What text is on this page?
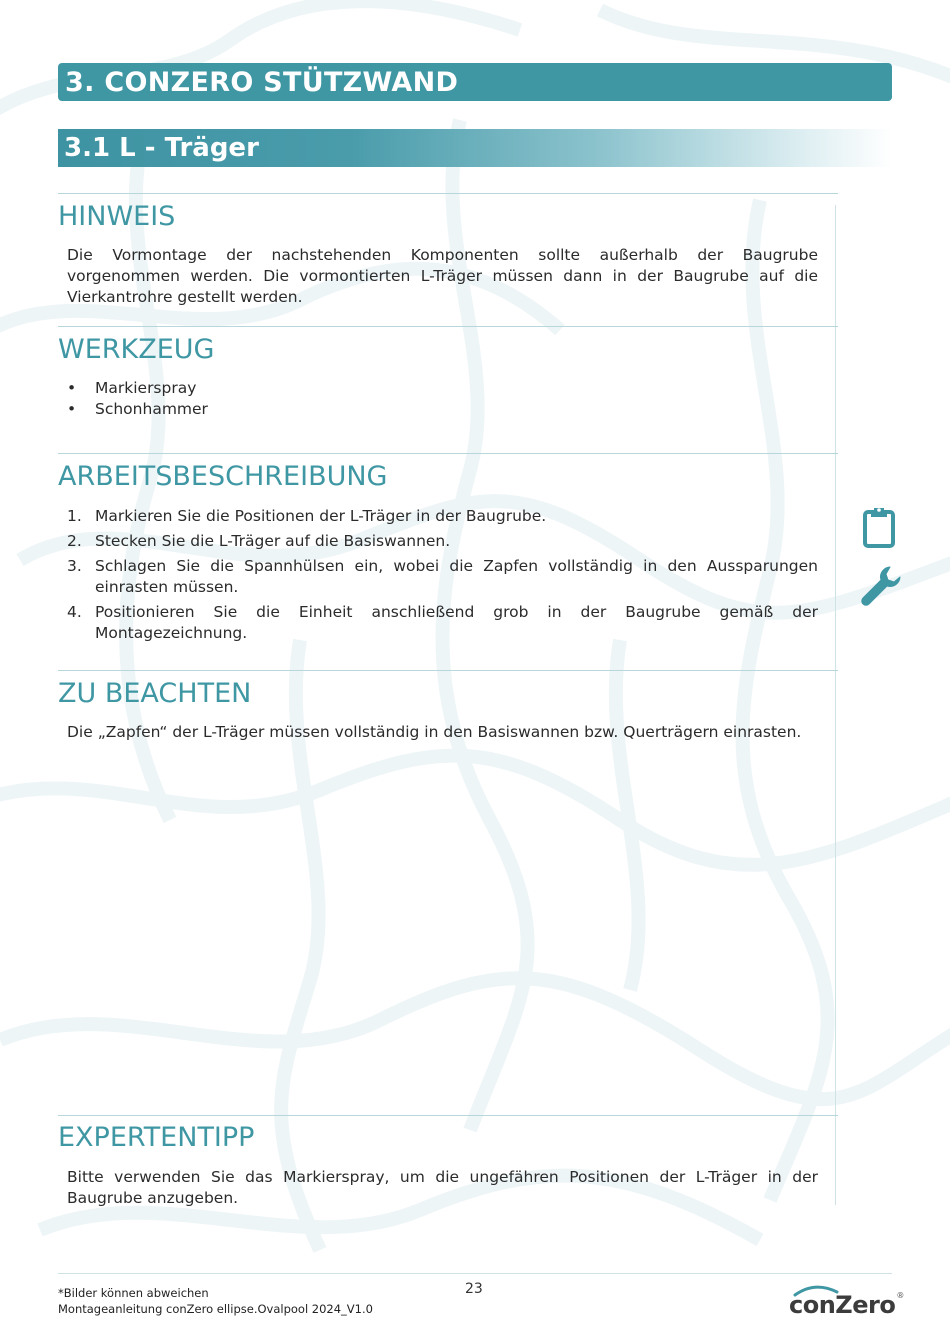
3. CONZERO STÜTZWAND
3.1 L - Träger
HINWEIS

Die Vormontage der nachstehenden Komponenten sollte außerhalb der Baugrube vorgenommen werden. Die vormontierten L-Träger müssen dann in der Baugrube auf die Vierkantrohre gestellt werden.

WERKZEUG
• Markierspray
• Schonhammer
ARBEITSBESCHREIBUNG
1. Markieren Sie die Positionen der L-Träger in der Baugrube.
2. Stecken Sie die L-Träger auf die Basiswannen.
3. Schlagen Sie die Spannhülsen ein, wobei die Zapfen vollständig in den Aussparungen einrasten müssen.
4. Positionieren Sie die Einheit anschließend grob in der Baugrube gemäß der Montagezeichnung.
ZU BEACHTEN

Die „Zapfen“ der L-Träger müssen vollständig in den Basiswannen bzw. Querträgern einrasten.

EXPERTENTIPP

Bitte verwenden Sie das Markierspray, um die ungefähren Positionen der L-Träger in der Baugrube anzugeben.

*Bilder können abweichen
Montageanleitung conZero ellipse.Ovalpool 2024_V1.0
23
conZero ®
